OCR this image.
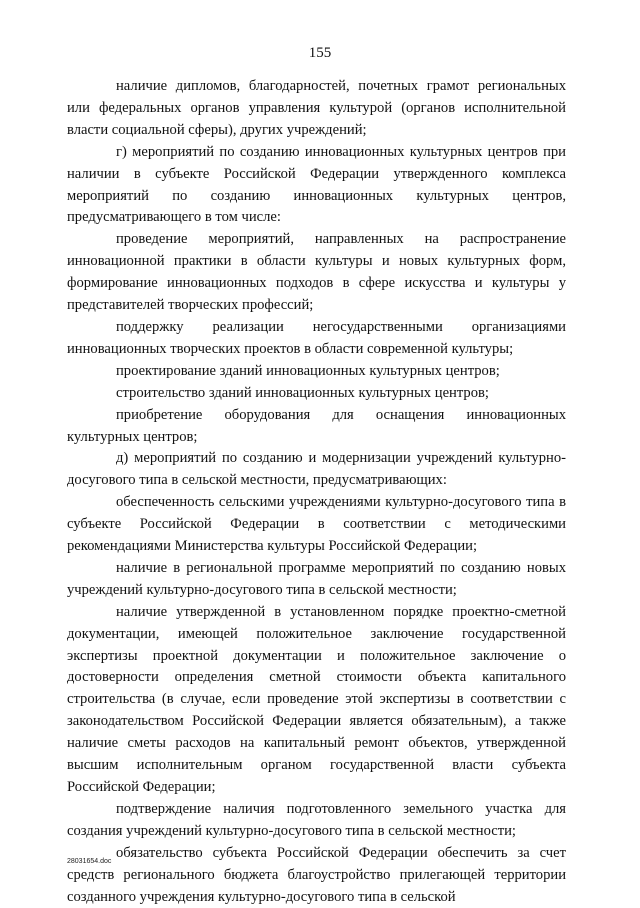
155

наличие дипломов, благодарностей, почетных грамот региональных или федеральных органов управления культурой (органов исполнительной власти социальной сферы), других учреждений;

г) мероприятий по созданию инновационных культурных центров при наличии в субъекте Российской Федерации утвержденного комплекса мероприятий по созданию инновационных культурных центров, предусматривающего в том числе:

проведение мероприятий, направленных на распространение инновационной практики в области культуры и новых культурных форм, формирование инновационных подходов в сфере искусства и культуры у представителей творческих профессий;

поддержку реализации негосударственными организациями инновационных творческих проектов в области современной культуры;

проектирование зданий инновационных культурных центров;

строительство зданий инновационных культурных центров;

приобретение оборудования для оснащения инновационных культурных центров;

д) мероприятий по созданию и модернизации учреждений культурно-досугового типа в сельской местности, предусматривающих:

обеспеченность сельскими учреждениями культурно-досугового типа в субъекте Российской Федерации в соответствии с методическими рекомендациями Министерства культуры Российской Федерации;

наличие в региональной программе мероприятий по созданию новых учреждений культурно-досугового типа в сельской местности;

наличие утвержденной в установленном порядке проектно-сметной документации, имеющей положительное заключение государственной экспертизы проектной документации и положительное заключение о достоверности определения сметной стоимости объекта капитального строительства (в случае, если проведение этой экспертизы в соответствии с законодательством Российской Федерации является обязательным), а также наличие сметы расходов на капитальный ремонт объектов, утвержденной высшим исполнительным органом государственной власти субъекта Российской Федерации;

подтверждение наличия подготовленного земельного участка для создания учреждений культурно-досугового типа в сельской местности;

обязательство субъекта Российской Федерации обеспечить за счет средств регионального бюджета благоустройство прилегающей территории созданного учреждения культурно-досугового типа в сельской

28031654.doc
